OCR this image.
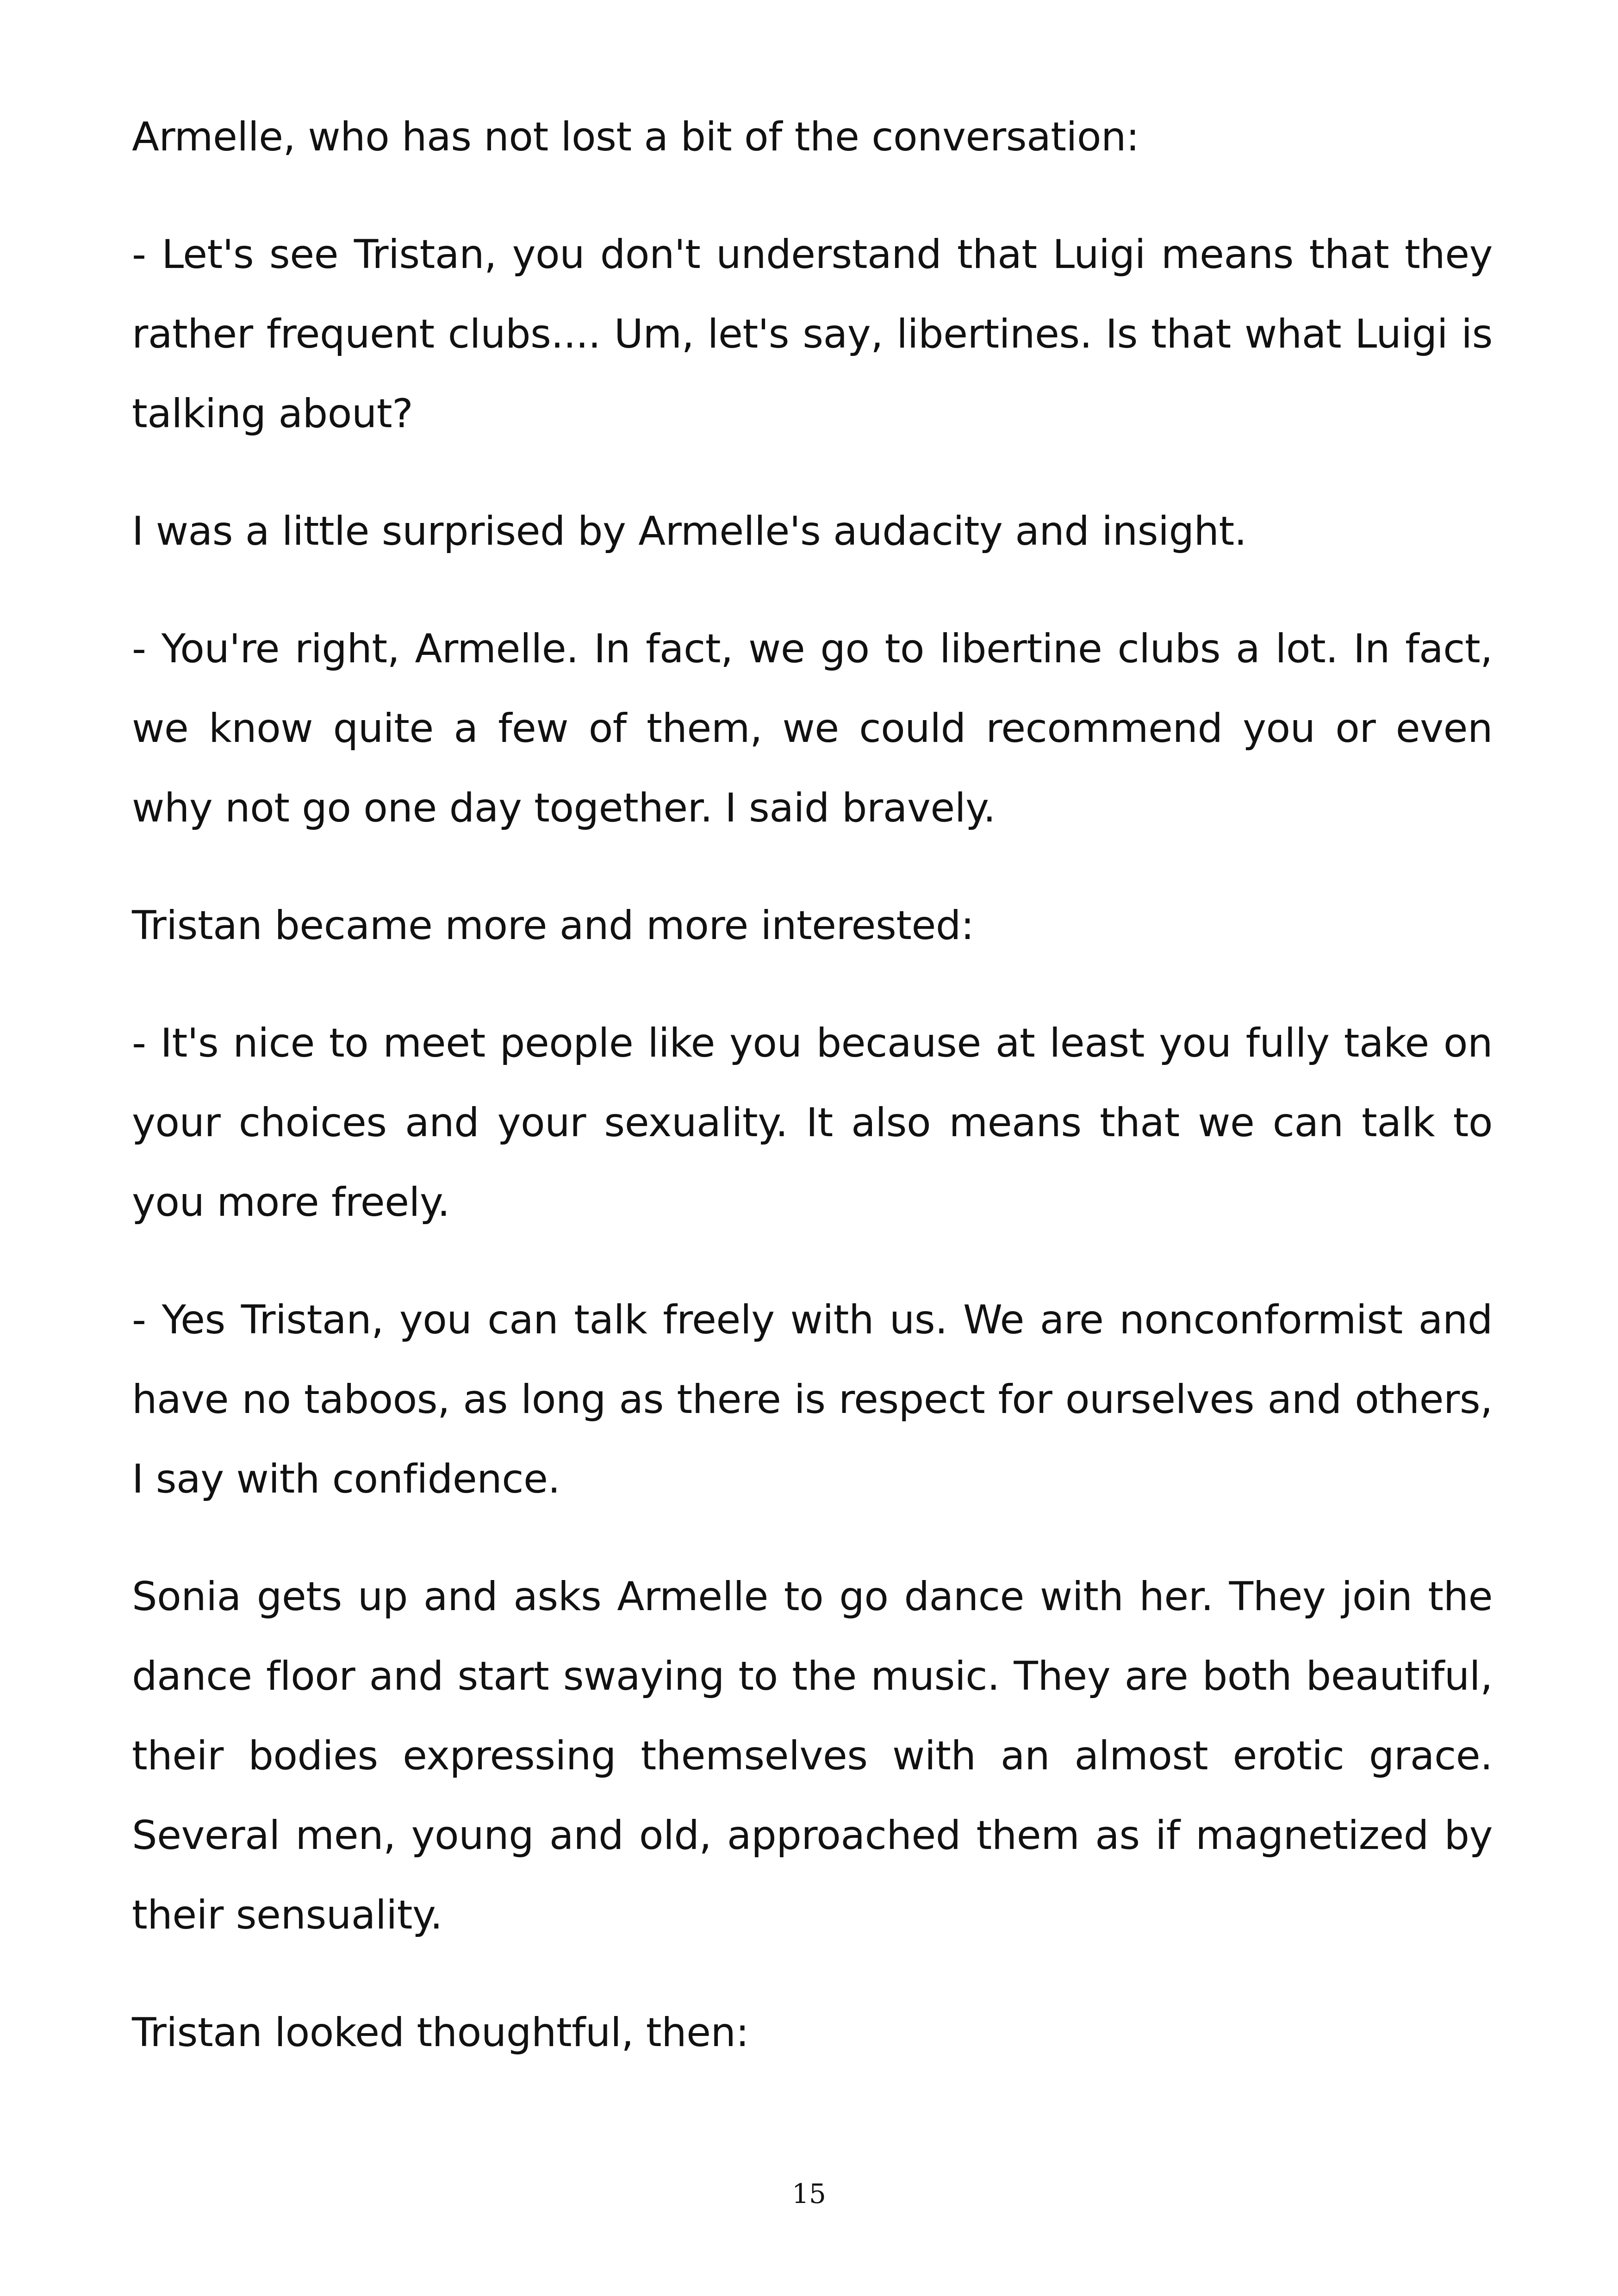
Armelle, who has not lost a bit of the conversation:

- Let's see Tristan, you don't understand that Luigi means that they rather frequent clubs.... Um, let's say, libertines. Is that what Luigi is talking about?

I was a little surprised by Armelle's audacity and insight.

- You're right, Armelle. In fact, we go to libertine clubs a lot. In fact, we know quite a few of them, we could recommend you or even why not go one day together. I said bravely.

Tristan became more and more interested:

- It's nice to meet people like you because at least you fully take on your choices and your sexuality. It also means that we can talk to you more freely.

- Yes Tristan, you can talk freely with us. We are nonconformist and have no taboos, as long as there is respect for ourselves and others, I say with confidence.

Sonia gets up and asks Armelle to go dance with her. They join the dance floor and start swaying to the music. They are both beautiful, their bodies expressing themselves with an almost erotic grace. Several men, young and old, approached them as if magnetized by their sensuality.

Tristan looked thoughtful, then:

15
